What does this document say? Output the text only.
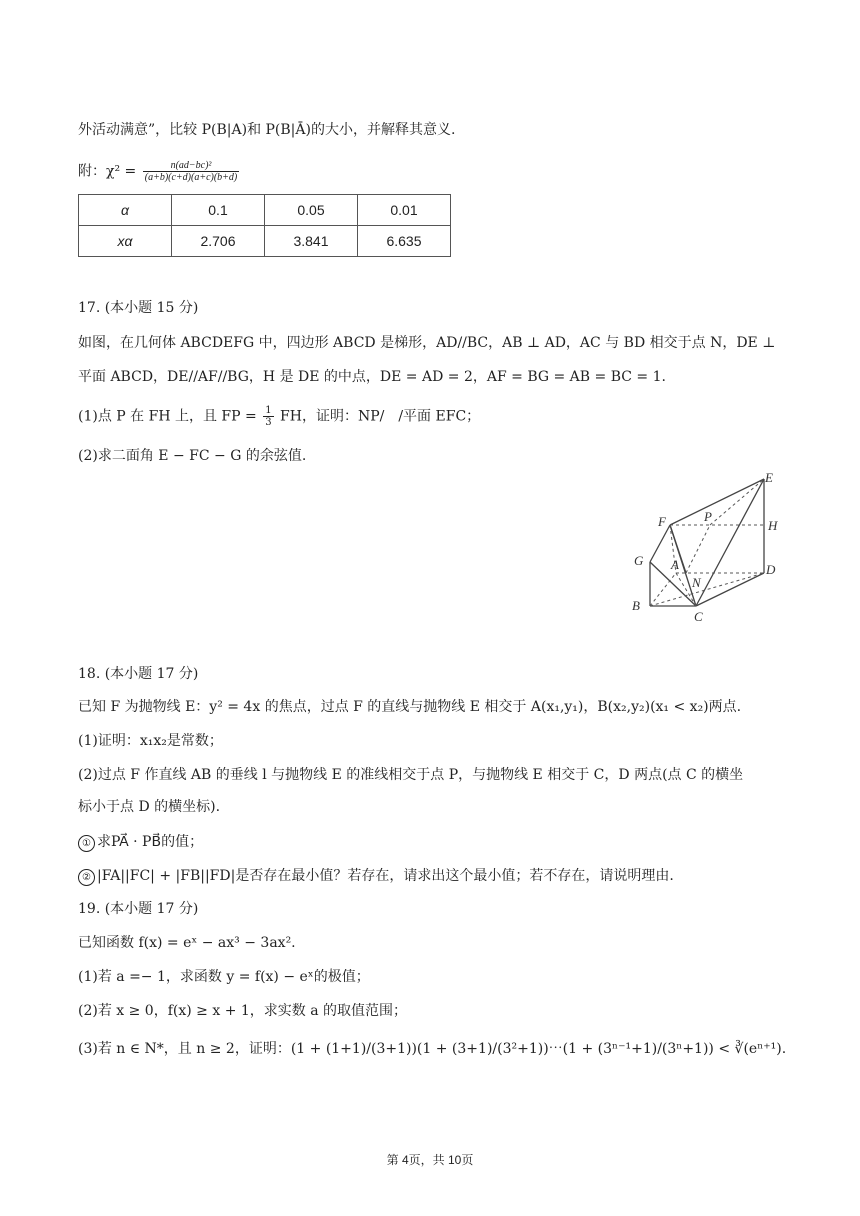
外活动满意”，比较 P(B|A)和 P(B|Ā)的大小，并解释其意义.
附：$\chi^2 = \frac{\text{n(ad−bc)²}}{(a+b)(c+d)(a+c)(b+d)}$
α	0.1	0.05	0.01
xα	2.706	3.841	6.635
17. (本小题 15 分)
如图，在几何体 ABCDEFG 中，四边形 ABCD 是梯形，AD//BC，AB ⊥ AD，AC 与 BD 相交于点 N，DE ⊥
平面 ABCD，DE//AF//BG，H 是 DE 的中点，DE = AD = 2，AF = BG = AB = BC = 1.
(1)点 P 在 FH 上，且 FP = $\frac{1}{3}$ FH，证明：NP/　/平面 EFC；
(2)求二面角 E − FC − G 的余弦值.
E
F	P
H
G A
N
D
B
C
18. (本小题 17 分)
已知 F 为抛物线 E：y² = 4x 的焦点，过点 F 的直线与抛物线 E 相交于 A(x₁,y₁)，B(x₂,y₂)(x₁ < x₂)两点.
(1)证明：x₁x₂是常数；
(2)过点 F 作直线 AB 的垂线 l 与抛物线 E 的准线相交于点 P，与抛物线 E 相交于 C，D 两点(点 C 的横坐
标小于点 D 的横坐标).
① 求PA⃗ · PB⃗的值；
② |FA||FC| + |FB||FD|是否存在最小值？若存在，请求出这个最小值；若不存在，请说明理由.
19. (本小题 17 分)
已知函数 f(x) = eˣ − ax³ − 3ax².
(1)若 a =− 1，求函数 y = f(x) − eˣ的极值；
(2)若 x ≥ 0，f(x) ≥ x + 1，求实数 a 的取值范围；
(3)若 n ∈ N*，且 n ≥ 2，证明：(1 + (1+1)/(3+1))(1 + (3+1)/(3²+1))⋯(1 + (3ⁿ⁻¹+1)/(3ⁿ+1)) < ∛(eⁿ⁺¹).
第 4页，共 10页
